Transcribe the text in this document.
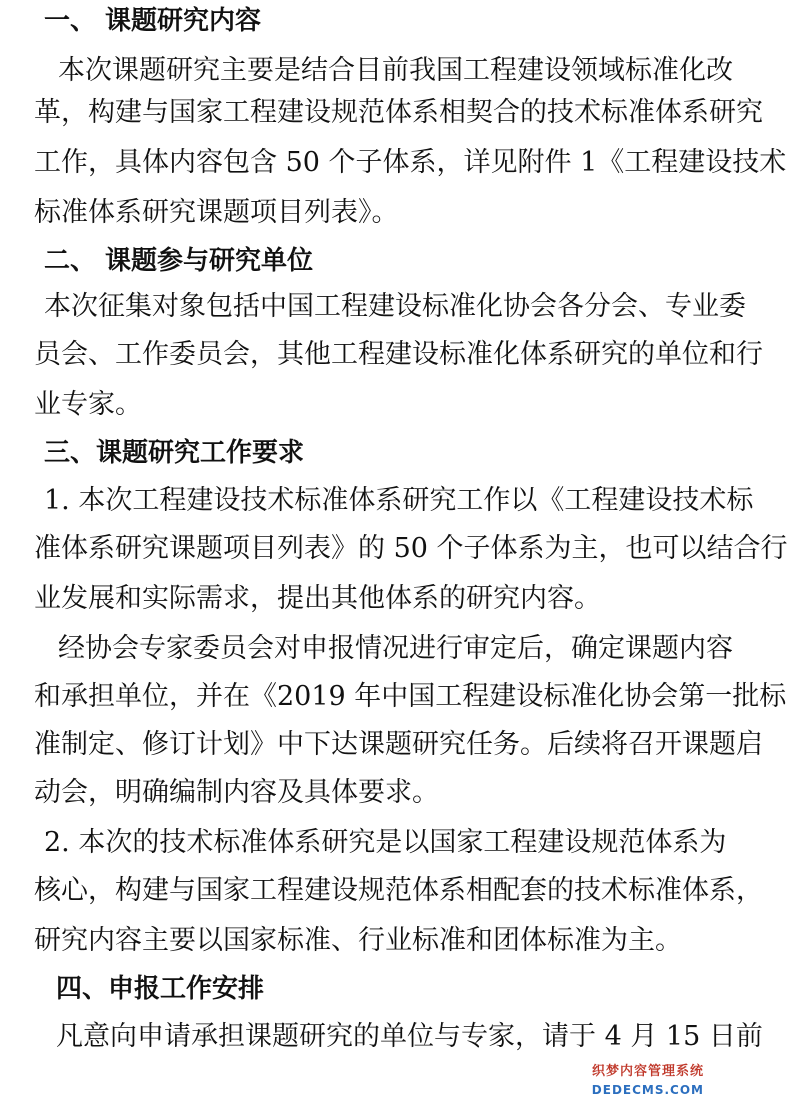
一、 课题研究内容
本次课题研究主要是结合目前我国工程建设领域标准化改
革，构建与国家工程建设规范体系相契合的技术标准体系研究
工作，具体内容包含 50 个子体系，详见附件 1《工程建设技术
标准体系研究课题项目列表》。
二、 课题参与研究单位
本次征集对象包括中国工程建设标准化协会各分会、专业委
员会、工作委员会，其他工程建设标准化体系研究的单位和行
业专家。
三、课题研究工作要求
1. 本次工程建设技术标准体系研究工作以《工程建设技术标
准体系研究课题项目列表》的 50 个子体系为主，也可以结合行
业发展和实际需求，提出其他体系的研究内容。
经协会专家委员会对申报情况进行审定后，确定课题内容
和承担单位，并在《2019 年中国工程建设标准化协会第一批标
准制定、修订计划》中下达课题研究任务。后续将召开课题启
动会，明确编制内容及具体要求。
2. 本次的技术标准体系研究是以国家工程建设规范体系为
核心，构建与国家工程建设规范体系相配套的技术标准体系，
研究内容主要以国家标准、行业标准和团体标准为主。
四、申报工作安排
凡意向申请承担课题研究的单位与专家，请于 4 月 15 日前
织梦内容管理系统
DEDECMS.COM
